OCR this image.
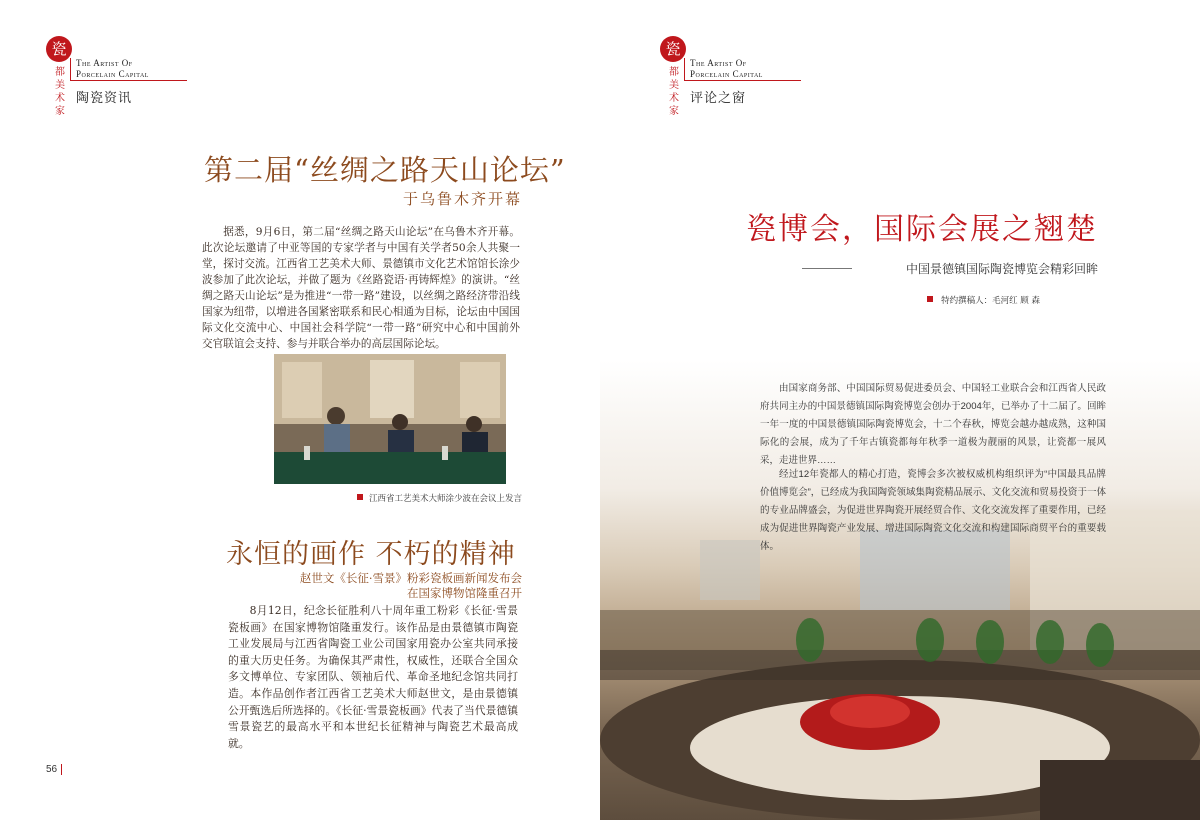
瓷
都
美
术
家
The Artist Of
Porcelain Capital
陶瓷资讯
第二届“丝绸之路天山论坛”
于乌鲁木齐开幕

据悉，9月6日，第二届“丝绸之路天山论坛”在乌鲁木齐开幕。此次论坛邀请了中亚等国的专家学者与中国有关学者50余人共聚一堂，探讨交流。江西省工艺美术大师、景德镇市文化艺术馆馆长涂少波参加了此次论坛，并做了题为《丝路瓷语·再铸辉煌》的演讲。“丝绸之路天山论坛”是为推进“一带一路”建设，以丝绸之路经济带沿线国家为纽带，以增进各国紧密联系和民心相通为目标，论坛由中国国际文化交流中心、中国社会科学院“一带一路”研究中心和中国前外交官联谊会支持、参与并联合举办的高层国际论坛。

江西省工艺美术大师涂少波在会议上发言
永恒的画作 不朽的精神
赵世文《长征·雪景》粉彩瓷板画新闻发布会
在国家博物馆隆重召开

8月12日，纪念长征胜利八十周年重工粉彩《长征·雪景瓷板画》在国家博物馆隆重发行。该作品是由景德镇市陶瓷工业发展局与江西省陶瓷工业公司国家用瓷办公室共同承接的重大历史任务。为确保其严肃性，权威性，还联合全国众多文博单位、专家团队、领袖后代、革命圣地纪念馆共同打造。本作品创作者江西省工艺美术大师赵世文，是由景德镇公开甄选后所选择的。《长征·雪景瓷板画》代表了当代景德镇雪景瓷艺的最高水平和本世纪长征精神与陶瓷艺术最高成就。

56
瓷
都
美
术
家
The Artist Of
Porcelain Capital
评论之窗
瓷博会，国际会展之翘楚
中国景德镇国际陶瓷博览会精彩回眸
特约撰稿人：毛河红 顾 森

由国家商务部、中国国际贸易促进委员会、中国轻工业联合会和江西省人民政府共同主办的中国景德镇国际陶瓷博览会创办于2004年，已举办了十二届了。回眸一年一度的中国景德镇国际陶瓷博览会，十二个春秋，博览会越办越成熟，这种国际化的会展，成为了千年古镇瓷都每年秋季一道极为靓丽的风景，让瓷都一展风采，走进世界……

经过12年瓷都人的精心打造，瓷博会多次被权威机构组织评为“中国最具品牌价值博览会”，已经成为我国陶瓷领域集陶瓷精品展示、文化交流和贸易投资于一体的专业品牌盛会，为促进世界陶瓷开展经贸合作、文化交流发挥了重要作用，已经成为促进世界陶瓷产业发展、增进国际陶瓷文化交流和构建国际商贸平台的重要载体。
